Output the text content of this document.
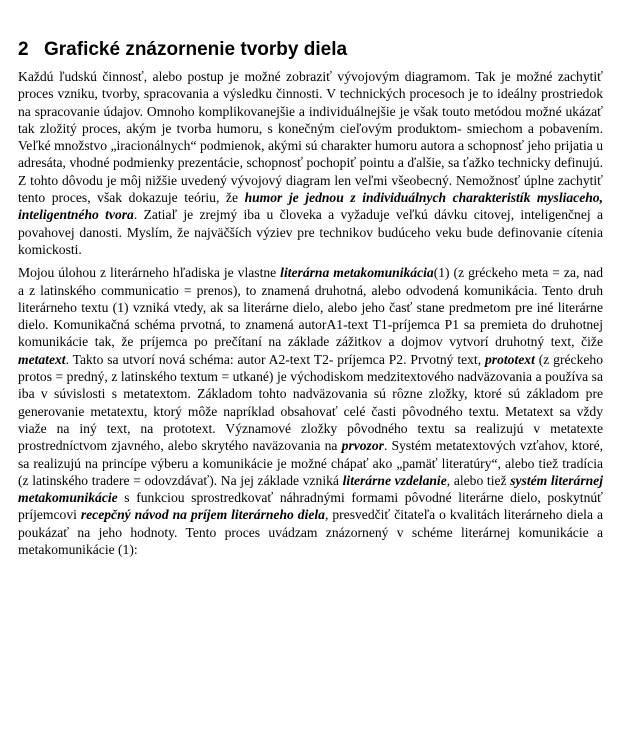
2 Grafické znázornenie tvorby diela

Každú ľudskú činnosť, alebo postup je možné zobraziť vývojovým diagramom. Tak je možné zachytiť proces vzniku, tvorby, spracovania a výsledku činnosti. V technických procesoch je to ideálny prostriedok na spracovanie údajov. Omnoho komplikovanejšie a individuálnejšie je však touto metódou možné ukázať tak zložitý proces, akým je tvorba humoru, s konečným cieľovým produktom- smiechom a pobavením. Veľké množstvo „iracionálnych“ podmienok, akými sú charakter humoru autora a schopnosť jeho prijatia u adresáta, vhodné podmienky prezentácie, schopnosť pochopiť pointu a ďalšie, sa ťažko technicky definujú. Z tohto dôvodu je môj nižšie uvedený vývojový diagram len veľmi všeobecný. Nemožnosť úplne zachytiť tento proces, však dokazuje teóriu, že humor je jednou z individuálnych charakteristík mysliaceho, inteligentného tvora. Zatiaľ je zrejmý iba u človeka a vyžaduje veľkú dávku citovej, inteligenčnej a povahovej danosti. Myslím, že najväčších výziev pre technikov budúceho veku bude definovanie cítenia komickosti.

Mojou úlohou z literárneho hľadiska je vlastne literárna metakomunikácia(1) (z gréckeho meta = za, nad a z latinského communicatio = prenos), to znamená druhotná, alebo odvodená komunikácia. Tento druh literárneho textu (1) vzniká vtedy, ak sa literárne dielo, alebo jeho časť stane predmetom pre iné literárne dielo. Komunikačná schéma prvotná, to znamená autorA1-text T1-príjemca P1 sa premieta do druhotnej komunikácie tak, že príjemca po prečítaní na základe zážitkov a dojmov vytvorí druhotný text, čiže metatext. Takto sa utvorí nová schéma: autor A2-text T2- príjemca P2. Prvotný text, prototext (z gréckeho protos = predný, z latinského textum = utkané) je východiskom medzitextového nadväzovania a používa sa iba v súvislosti s metatextom. Základom tohto nadväzovania sú rôzne zložky, ktoré sú základom pre generovanie metatextu, ktorý môže napríklad obsahovať celé časti pôvodného textu. Metatext sa vždy viaže na iný text, na prototext. Významové zložky pôvodného textu sa realizujú v metatexte prostredníctvom zjavného, alebo skrytého naväzovania na prvozor. Systém metatextových vzťahov, ktoré, sa realizujú na princípe výberu a komunikácie je možné chápať ako „pamäť literatúry“, alebo tiež tradícia (z latinského tradere = odovzdávať). Na jej základe vzniká literárne vzdelanie, alebo tiež systém literárnej metakomunikácie s funkciou sprostredkovať náhradnými formami pôvodné literárne dielo, poskytnúť príjemcovi recepčný návod na príjem literárneho diela, presvedčiť čitateľa o kvalitách literárneho diela a poukázať na jeho hodnoty. Tento proces uvádzam znázornený v schéme literárnej komunikácie a metakomunikácie (1):
